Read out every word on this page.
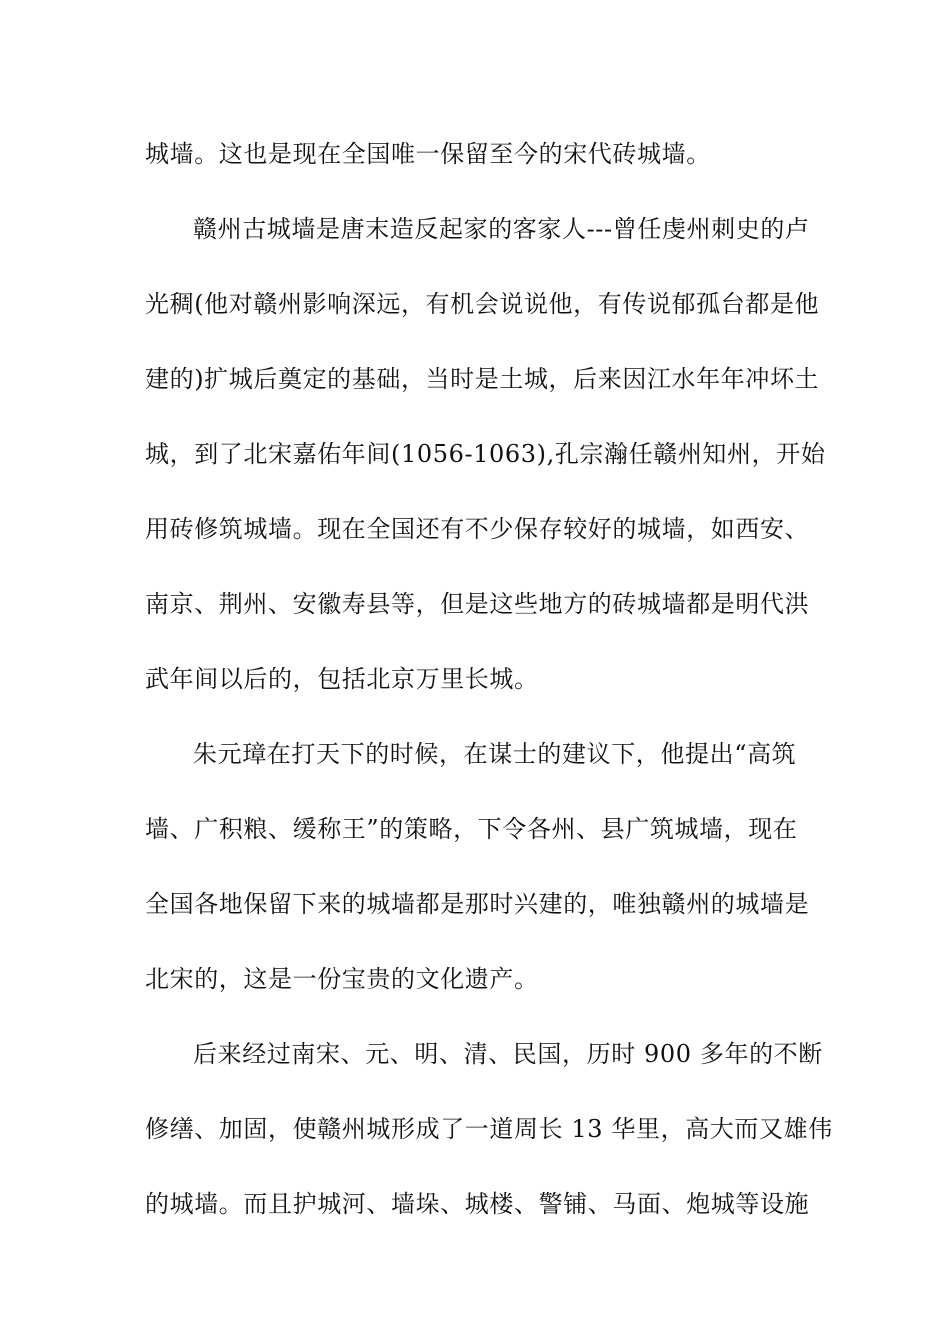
城墙。这也是现在全国唯一保留至今的宋代砖城墙。
赣州古城墙是唐末造反起家的客家人---曾任虔州刺史的卢
光稠(他对赣州影响深远，有机会说说他，有传说郁孤台都是他
建的)扩城后奠定的基础，当时是土城，后来因江水年年冲坏土
城，到了北宋嘉佑年间(1056-1063),孔宗瀚任赣州知州，开始
用砖修筑城墙。现在全国还有不少保存较好的城墙，如西安、
南京、荆州、安徽寿县等，但是这些地方的砖城墙都是明代洪
武年间以后的，包括北京万里长城。
朱元璋在打天下的时候，在谋士的建议下，他提出“高筑
墙、广积粮、缓称王”的策略，下令各州、县广筑城墙，现在
全国各地保留下来的城墙都是那时兴建的，唯独赣州的城墙是
北宋的，这是一份宝贵的文化遗产。
后来经过南宋、元、明、清、民国，历时 900 多年的不断
修缮、加固，使赣州城形成了一道周长 13 华里，高大而又雄伟
的城墙。而且护城河、墙垛、城楼、警铺、马面、炮城等设施
